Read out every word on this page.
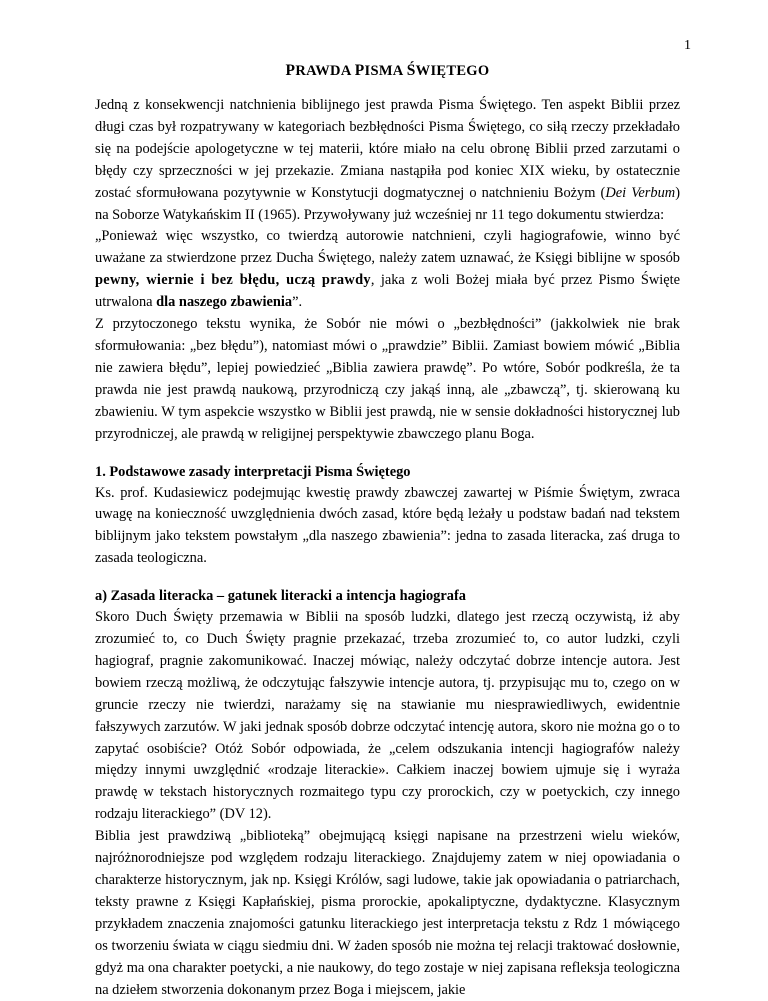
1
PRAWDA PISMA ŚWIĘTEGO

Jedną z konsekwencji natchnienia biblijnego jest prawda Pisma Świętego. Ten aspekt Biblii przez długi czas był rozpatrywany w kategoriach bezbłędności Pisma Świętego, co siłą rzeczy przekładało się na podejście apologetyczne w tej materii, które miało na celu obronę Biblii przed zarzutami o błędy czy sprzeczności w jej przekazie. Zmiana nastąpiła pod koniec XIX wieku, by ostatecznie zostać sformułowana pozytywnie w Konstytucji dogmatycznej o natchnieniu Bożym (Dei Verbum) na Soborze Watykańskim II (1965). Przywoływany już wcześniej nr 11 tego dokumentu stwierdza:

„Ponieważ więc wszystko, co twierdzą autorowie natchnieni, czyli hagiografowie, winno być uważane za stwierdzone przez Ducha Świętego, należy zatem uznawać, że Księgi biblijne w sposób pewny, wiernie i bez błędu, uczą prawdy, jaka z woli Bożej miała być przez Pismo Święte utrwalona dla naszego zbawienia”.

Z przytoczonego tekstu wynika, że Sobór nie mówi o „bezbłędności” (jakkolwiek nie brak sformułowania: „bez błędu”), natomiast mówi o „prawdzie” Biblii. Zamiast bowiem mówić „Biblia nie zawiera błędu”, lepiej powiedzieć „Biblia zawiera prawdę”. Po wtóre, Sobór podkreśla, że ta prawda nie jest prawdą naukową, przyrodniczą czy jakąś inną, ale „zbawczą”, tj. skierowaną ku zbawieniu. W tym aspekcie wszystko w Biblii jest prawdą, nie w sensie dokładności historycznej lub przyrodniczej, ale prawdą w religijnej perspektywie zbawczego planu Boga.

1. Podstawowe zasady interpretacji Pisma Świętego

Ks. prof. Kudasiewicz podejmując kwestię prawdy zbawczej zawartej w Piśmie Świętym, zwraca uwagę na konieczność uwzględnienia dwóch zasad, które będą leżały u podstaw badań nad tekstem biblijnym jako tekstem powstałym „dla naszego zbawienia”: jedna to zasada literacka, zaś druga to zasada teologiczna.

a) Zasada literacka – gatunek literacki a intencja hagiografa

Skoro Duch Święty przemawia w Biblii na sposób ludzki, dlatego jest rzeczą oczywistą, iż aby zrozumieć to, co Duch Święty pragnie przekazać, trzeba zrozumieć to, co autor ludzki, czyli hagiograf, pragnie zakomunikować. Inaczej mówiąc, należy odczytać dobrze intencje autora. Jest bowiem rzeczą możliwą, że odczytując fałszywie intencje autora, tj. przypisując mu to, czego on w gruncie rzeczy nie twierdzi, narażamy się na stawianie mu niesprawiedliwych, ewidentnie fałszywych zarzutów. W jaki jednak sposób dobrze odczytać intencję autora, skoro nie można go o to zapytać osobiście? Otóż Sobór odpowiada, że „celem odszukania intencji hagiografów należy między innymi uwzględnić «rodzaje literackie». Całkiem inaczej bowiem ujmuje się i wyraża prawdę w tekstach historycznych rozmaitego typu czy prorockich, czy w poetyckich, czy innego rodzaju literackiego” (DV 12).

Biblia jest prawdziwą „biblioteką” obejmującą księgi napisane na przestrzeni wielu wieków, najróżnorodniejsze pod względem rodzaju literackiego. Znajdujemy zatem w niej opowiadania o charakterze historycznym, jak np. Księgi Królów, sagi ludowe, takie jak opowiadania o patriarchach, teksty prawne z Księgi Kapłańskiej, pisma prorockie, apokaliptyczne, dydaktyczne. Klasycznym przykładem znaczenia znajomości gatunku literackiego jest interpretacja tekstu z Rdz 1 mówiącego os tworzeniu świata w ciągu siedmiu dni. W żaden sposób nie można tej relacji traktować dosłownie, gdyż ma ona charakter poetycki, a nie naukowy, do tego zostaje w niej zapisana refleksja teologiczna na dziełem stworzenia dokonanym przez Boga i miejscem, jakie
